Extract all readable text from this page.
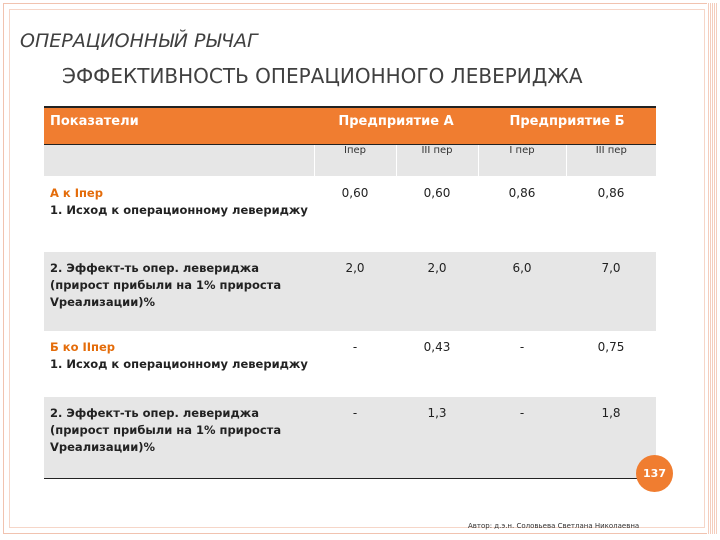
ОПЕРАЦИОННЫЙ РЫЧАГ
ЭФФЕКТИВНОСТЬ ОПЕРАЦИОННОГО ЛЕВЕРИДЖА
Показатели	Предприятие А		Предприятие Б	
	Iпер	III пер	I пер	III пер

А к Iпер
1. Исход к операционному левериджу	0,60	0,60	0,86	0,86

2. Эффект-ть опер. левериджа (прирост прибыли на 1% прироста Vреализации)%	2,0	2,0	6,0	7,0

Б ко IIпер
1. Исход к операционному левериджу	-	0,43	-	0,75

2. Эффект-ть опер. левериджа (прирост прибыли на 1% прироста Vреализации)%	-	1,3	-	1,8
137
Автор: д.э.н. Соловьева Светлана Николаевна
